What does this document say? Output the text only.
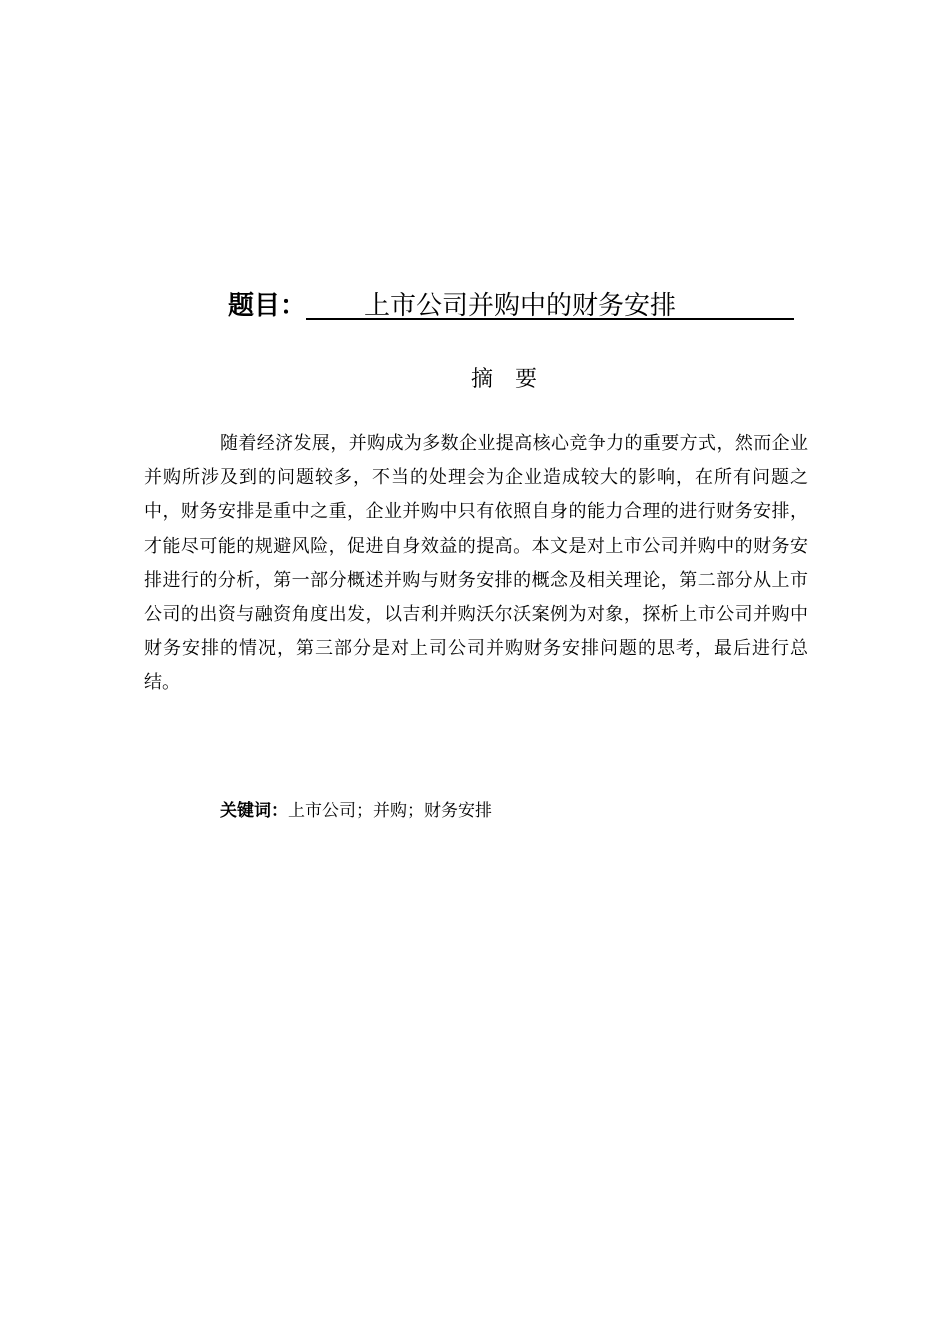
题目： 上市公司并购中的财务安排
摘要
随着经济发展，并购成为多数企业提高核心竞争力的重要方式，然而企业并购所涉及到的问题较多，不当的处理会为企业造成较大的影响，在所有问题之中，财务安排是重中之重，企业并购中只有依照自身的能力合理的进行财务安排，才能尽可能的规避风险，促进自身效益的提高。本文是对上市公司并购中的财务安排进行的分析，第一部分概述并购与财务安排的概念及相关理论，第二部分从上市公司的出资与融资角度出发，以吉利并购沃尔沃案例为对象，探析上市公司并购中财务安排的情况，第三部分是对上司公司并购财务安排问题的思考，最后进行总结。
关键词：上市公司；并购；财务安排
